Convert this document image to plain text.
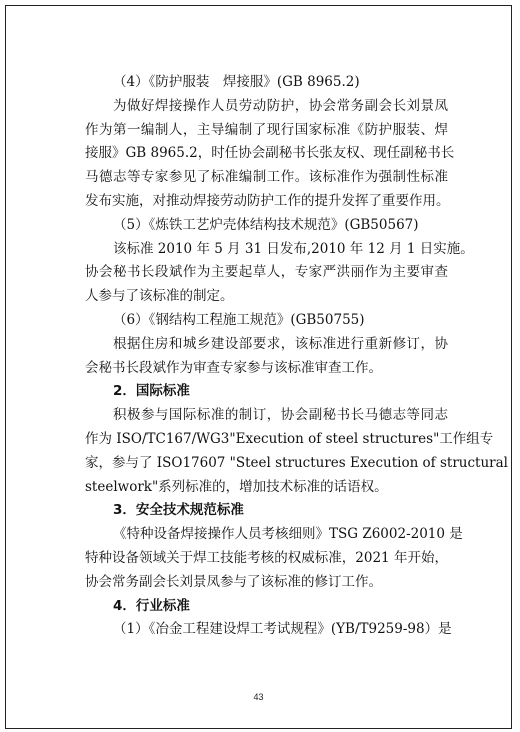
（4）《防护服装　焊接服》(GB 8965.2)
为做好焊接操作人员劳动防护，协会常务副会长刘景凤
作为第一编制人，主导编制了现行国家标准《防护服装、焊
接服》GB 8965.2，时任协会副秘书长张友权、现任副秘书长
马德志等专家参见了标准编制工作。该标准作为强制性标准
发布实施，对推动焊接劳动防护工作的提升发挥了重要作用。
（5）《炼铁工艺炉壳体结构技术规范》(GB50567)
该标准 2010 年 5 月 31 日发布,2010 年 12 月 1 日实施。
协会秘书长段斌作为主要起草人，专家严洪丽作为主要审查
人参与了该标准的制定。
（6）《钢结构工程施工规范》(GB50755)
根据住房和城乡建设部要求，该标准进行重新修订，协
会秘书长段斌作为审查专家参与该标准审查工作。
2．国际标准
积极参与国际标准的制订，协会副秘书长马德志等同志
作为 ISO/TC167/WG3"Execution of steel structures"工作组专
家，参与了 ISO17607 "Steel structures Execution of structural
steelwork"系列标准的，增加技术标准的话语权。
3．安全技术规范标准
《特种设备焊接操作人员考核细则》TSG Z6002-2010 是
特种设备领域关于焊工技能考核的权威标准，2021 年开始，
协会常务副会长刘景凤参与了该标准的修订工作。
4．行业标准
（1）《冶金工程建设焊工考试规程》(YB/T9259-98）是
43
